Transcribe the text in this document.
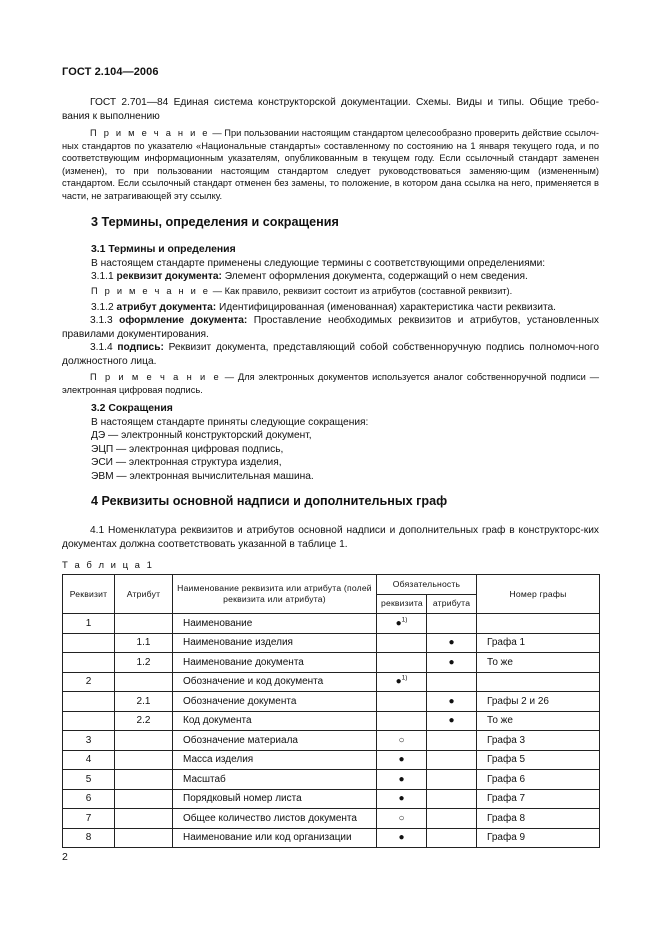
ГОСТ 2.104—2006
ГОСТ 2.701—84 Единая система конструкторской документации. Схемы. Виды и типы. Общие требо-вания к выполнению
П р и м е ч а н и е — При пользовании настоящим стандартом целесообразно проверить действие ссылоч-ных стандартов по указателю «Национальные стандарты» составленному по состоянию на 1 января текущего года, и по соответствующим информационным указателям, опубликованным в текущем году. Если ссылочный стандарт заменен (изменен), то при пользовании настоящим стандартом следует руководствоваться заменяю-щим (измененным) стандартом. Если ссылочный стандарт отменен без замены, то положение, в котором дана ссылка на него, применяется в части, не затрагивающей эту ссылку.
3 Термины, определения и сокращения
3.1 Термины и определения
В настоящем стандарте применены следующие термины с соответствующими определениями:
3.1.1 реквизит документа: Элемент оформления документа, содержащий о нем сведения.
П р и м е ч а н и е — Как правило, реквизит состоит из атрибутов (составной реквизит).
3.1.2 атрибут документа: Идентифицированная (именованная) характеристика части реквизита.
3.1.3 оформление документа: Проставление необходимых реквизитов и атрибутов, установленных правилами документирования.
3.1.4 подпись: Реквизит документа, представляющий собой собственноручную подпись полномоч-ного должностного лица.
П р и м е ч а н и е — Для электронных документов используется аналог собственноручной подписи — электронная цифровая подпись.
3.2 Сокращения
В настоящем стандарте приняты следующие сокращения:
ДЭ — электронный конструкторский документ,
ЭЦП — электронная цифровая подпись,
ЭСИ — электронная структура изделия,
ЭВМ — электронная вычислительная машина.
4 Реквизиты основной надписи и дополнительных граф
4.1 Номенклатура реквизитов и атрибутов основной надписи и дополнительных граф в конструкторс-ких документах должна соответствовать указанной в таблице 1.
Т а б л и ц а 1
Реквизит	Атрибут	Наименование реквизита или атрибута (полей реквизита или атрибута)	Обязательность		Номер графы
			реквизита	атрибута	
1		Наименование	●$^{1)}$		
	1.1	Наименование изделия		●	Графа 1
	1.2	Наименование документа		●	То же
2		Обозначение и код документа	●$^{1)}$		
	2.1	Обозначение документа		●	Графы 2 и 26
	2.2	Код документа		●	То же
3		Обозначение материала	○		Графа 3
4		Масса изделия	●		Графа 5
5		Масштаб	●		Графа 6
6		Порядковый номер листа	●		Графа 7
7		Общее количество листов документа	○		Графа 8
8		Наименование или код организации	●		Графа 9
2
